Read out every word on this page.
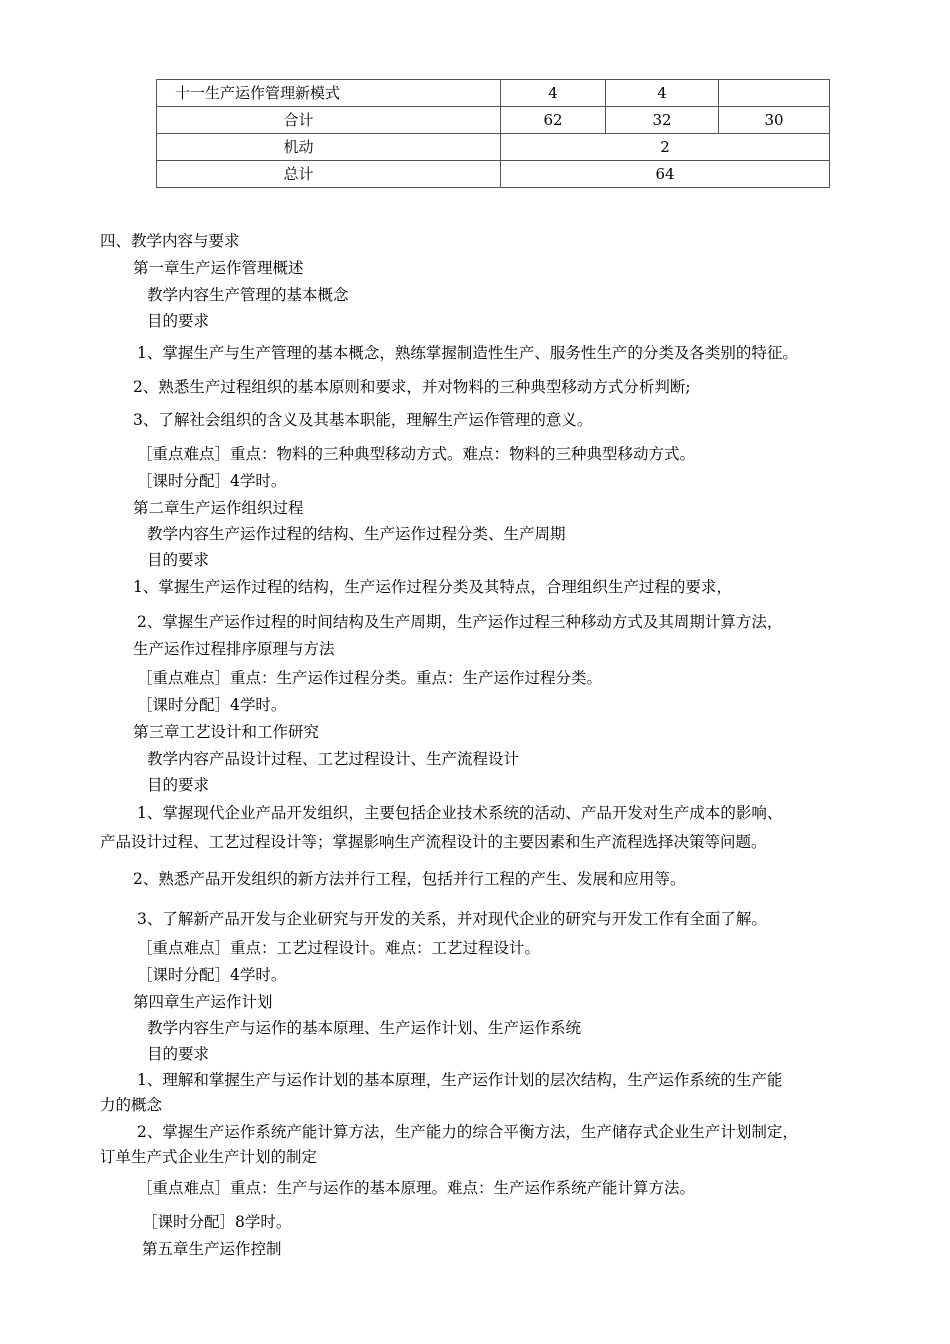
十一生产运作管理新模式	4	4	
合计	62	32	30
机动	2		
总计	64		
四、教学内容与要求
第一章生产运作管理概述
教学内容生产管理的基本概念
目的要求
1、掌握生产与生产管理的基本概念，熟练掌握制造性生产、服务性生产的分类及各类别的特征。
2、熟悉生产过程组织的基本原则和要求，并对物料的三种典型移动方式分析判断;
3、了解社会组织的含义及其基本职能，理解生产运作管理的意义。
［重点难点］重点：物料的三种典型移动方式。难点：物料的三种典型移动方式。
［课时分配］4学时。
第二章生产运作组织过程
教学内容生产运作过程的结构、生产运作过程分类、生产周期
目的要求
1、掌握生产运作过程的结构，生产运作过程分类及其特点，合理组织生产过程的要求，
2、掌握生产运作过程的时间结构及生产周期，生产运作过程三种移动方式及其周期计算方法，
生产运作过程排序原理与方法
［重点难点］重点：生产运作过程分类。重点：生产运作过程分类。
［课时分配］4学时。
第三章工艺设计和工作研究
教学内容产品设计过程、工艺过程设计、生产流程设计
目的要求
1、掌握现代企业产品开发组织，主要包括企业技术系统的活动、产品开发对生产成本的影响、
产品设计过程、工艺过程设计等；掌握影响生产流程设计的主要因素和生产流程选择决策等问题。
2、熟悉产品开发组织的新方法并行工程，包括并行工程的产生、发展和应用等。
3、了解新产品开发与企业研究与开发的关系，并对现代企业的研究与开发工作有全面了解。
［重点难点］重点：工艺过程设计。难点：工艺过程设计。
［课时分配］4学时。
第四章生产运作计划
教学内容生产与运作的基本原理、生产运作计划、生产运作系统
目的要求
1、理解和掌握生产与运作计划的基本原理，生产运作计划的层次结构，生产运作系统的生产能
力的概念
2、掌握生产运作系统产能计算方法，生产能力的综合平衡方法，生产储存式企业生产计划制定，
订单生产式企业生产计划的制定
［重点难点］重点：生产与运作的基本原理。难点：生产运作系统产能计算方法。
［课时分配］8学时。
第五章生产运作控制
